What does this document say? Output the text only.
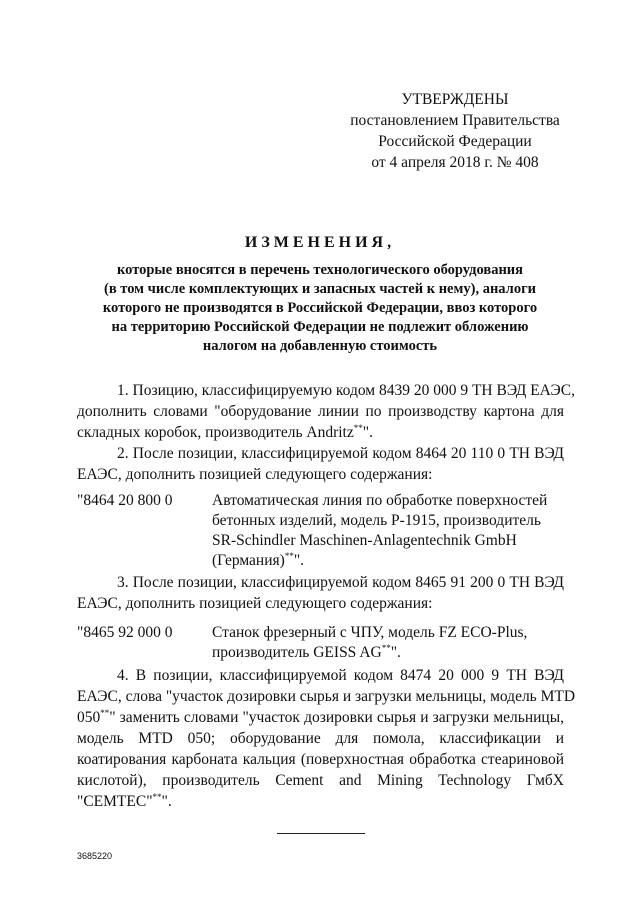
УТВЕРЖДЕНЫ
постановлением Правительства
Российской Федерации
от 4 апреля 2018 г. № 408
ИЗМЕНЕНИЯ,
которые вносятся в перечень технологического оборудования
(в том числе комплектующих и запасных частей к нему), аналоги
которого не производятся в Российской Федерации, ввоз которого
на территорию Российской Федерации не подлежит обложению
налогом на добавленную стоимость
1. Позицию, классифицируемую кодом 8439 20 000 9 ТН ВЭД ЕАЭС,
дополнить словами "оборудование линии по производству картона для
складных коробок, производитель Andritz**".
2. После позиции, классифицируемой кодом 8464 20 110 0 ТН ВЭД
ЕАЭС, дополнить позицией следующего содержания:
"8464 20 800 0	Автоматическая линия по обработке поверхностей
бетонных изделий, модель Р-1915, производитель
SR-Schindler Maschinen-Anlagentechnik GmbH
(Германия)**".
3. После позиции, классифицируемой кодом 8465 91 200 0 ТН ВЭД
ЕАЭС, дополнить позицией следующего содержания:
"8465 92 000 0	Станок фрезерный с ЧПУ, модель FZ ECO-Plus,
производитель GEISS AG**".
4. В позиции, классифицируемой кодом 8474 20 000 9 ТН ВЭД
ЕАЭС, слова "участок дозировки сырья и загрузки мельницы, модель MTD
050**" заменить словами "участок дозировки сырья и загрузки мельницы,
модель MTD 050; оборудование для помола, классификации и
коатирования карбоната кальция (поверхностная обработка стеариновой
кислотой), производитель Cement and Mining Technology ГмбХ
"СЕМТЕС"**".
3685220
